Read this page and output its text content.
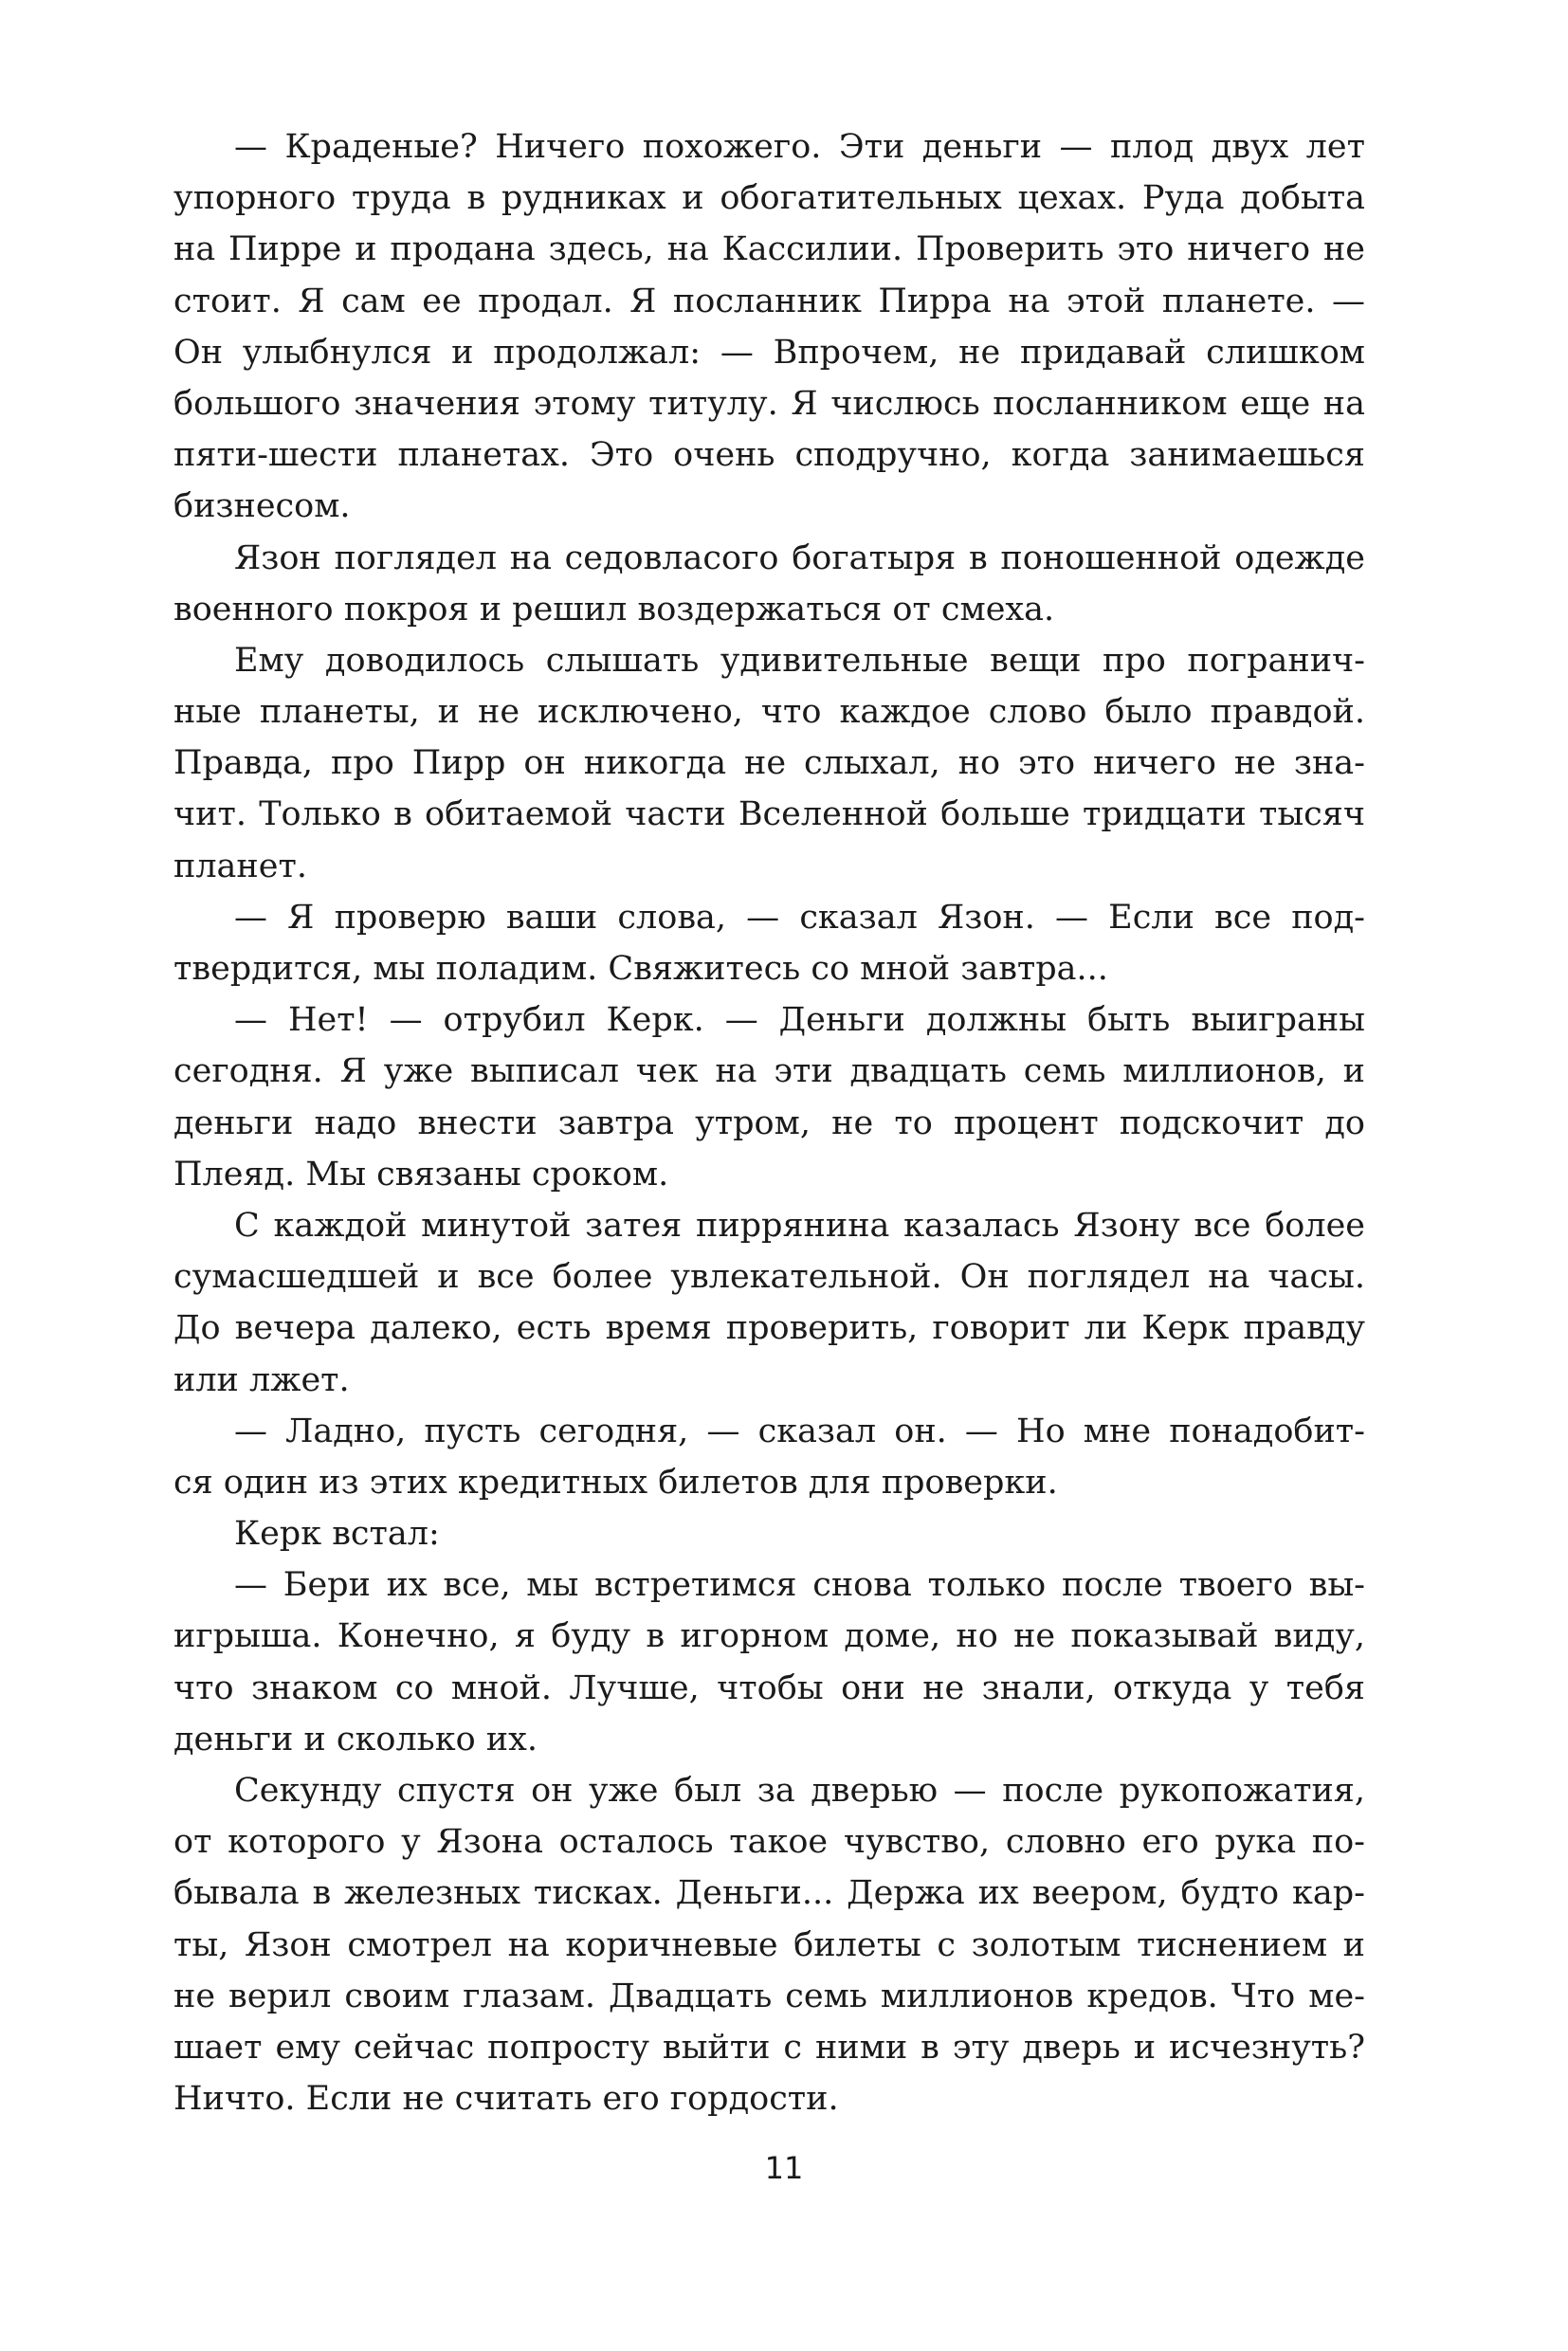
— Краденые? Ничего похожего. Эти деньги — плод двух лет
упорного труда в рудниках и обогатительных цехах. Руда добыта
на Пирре и продана здесь, на Кассилии. Проверить это ничего не
стоит. Я сам ее продал. Я посланник Пирра на этой планете. —
Он улыбнулся и продолжал: — Впрочем, не придавай слишком
большого значения этому титулу. Я числюсь посланником еще на
пяти-шести планетах. Это очень сподручно, когда занимаешься
бизнесом.
Язон поглядел на седовласого богатыря в поношенной одежде
военного покроя и решил воздержаться от смеха.
Ему доводилось слышать удивительные вещи про погранич-
ные планеты, и не исключено, что каждое слово было правдой.
Правда, про Пирр он никогда не слыхал, но это ничего не зна-
чит. Только в обитаемой части Вселенной больше тридцати тысяч
планет.
— Я проверю ваши слова, — сказал Язон. — Если все под-
твердится, мы поладим. Свяжитесь со мной завтра...
— Нет! — отрубил Керк. — Деньги должны быть выиграны
сегодня. Я уже выписал чек на эти двадцать семь миллионов, и
деньги надо внести завтра утром, не то процент подскочит до
Плеяд. Мы связаны сроком.
С каждой минутой затея пиррянина казалась Язону все более
сумасшедшей и все более увлекательной. Он поглядел на часы.
До вечера далеко, есть время проверить, говорит ли Керк правду
или лжет.
— Ладно, пусть сегодня, — сказал он. — Но мне понадобит-
ся один из этих кредитных билетов для проверки.
Керк встал:
— Бери их все, мы встретимся снова только после твоего вы-
игрыша. Конечно, я буду в игорном доме, но не показывай виду,
что знаком со мной. Лучше, чтобы они не знали, откуда у тебя
деньги и сколько их.
Секунду спустя он уже был за дверью — после рукопожатия,
от которого у Язона осталось такое чувство, словно его рука по-
бывала в железных тисках. Деньги... Держа их веером, будто кар-
ты, Язон смотрел на коричневые билеты с золотым тиснением и
не верил своим глазам. Двадцать семь миллионов кредов. Что ме-
шает ему сейчас попросту выйти с ними в эту дверь и исчезнуть?
Ничто. Если не считать его гордости.
11
